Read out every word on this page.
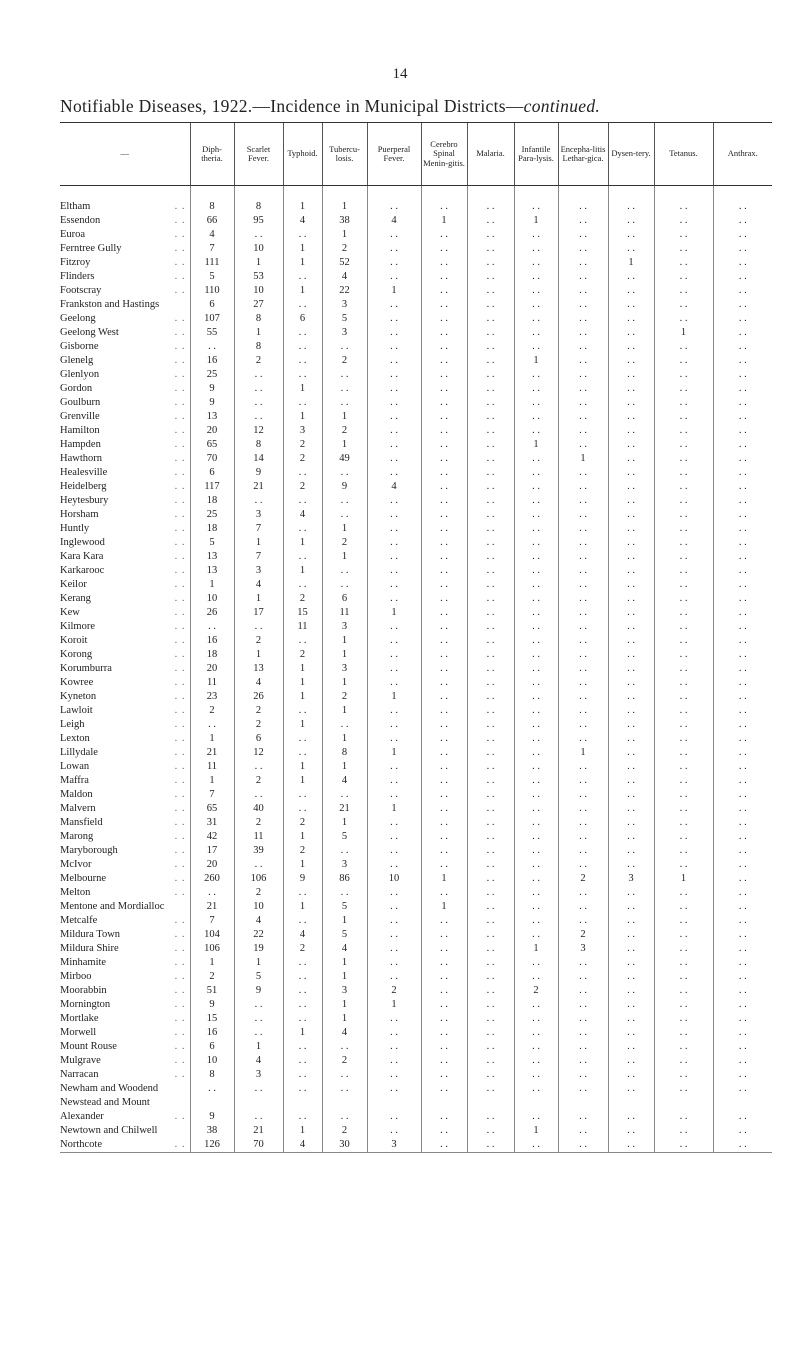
14
Notifiable Diseases, 1922.—Incidence in Municipal Districts—continued.
—	Diph-theria.	Scarlet Fever.	Typhoid.	Tubercu-losis.	Puerperal Fever.	Cerebro Spinal Menin-gitis.	Malaria.	Infantile Para-lysis.	Encepha-litis Lethar-gica.	Dysen-tery.	Tetanus.	Anthrax.

Eltham . .	8	8	1	1	. .	. .	. .	. .	. .	. .	. .	. .

Essendon . .	66	95	4	38	4	1	. .	1	. .	. .	. .	. .

Euroa . .	4	. .	. .	1	. .	. .	. .	. .	. .	. .	. .	. .

Ferntree Gully . .	7	10	1	2	. .	. .	. .	. .	. .	. .	. .	. .

Fitzroy . .	111	1	1	52	. .	. .	. .	. .	. .	1	. .	. .

Flinders . .	5	53	. .	4	. .	. .	. .	. .	. .	. .	. .	. .

Footscray . .	110	10	1	22	1	. .	. .	. .	. .	. .	. .	. .

Frankston and Hastings	6	27	. .	3	. .	. .	. .	. .	. .	. .	. .	. .

Geelong . .	107	8	6	5	. .	. .	. .	. .	. .	. .	. .	. .

Geelong West . .	55	1	. .	3	. .	. .	. .	. .	. .	. .	1	. .

Gisborne . .	. .	8	. .	. .	. .	. .	. .	. .	. .	. .	. .	. .

Glenelg . .	16	2	. .	2	. .	. .	. .	1	. .	. .	. .	. .

Glenlyon . .	25	. .	. .	. .	. .	. .	. .	. .	. .	. .	. .	. .

Gordon . .	9	. .	1	. .	. .	. .	. .	. .	. .	. .	. .	. .

Goulburn . .	9	. .	. .	. .	. .	. .	. .	. .	. .	. .	. .	. .

Grenville . .	13	. .	1	1	. .	. .	. .	. .	. .	. .	. .	. .

Hamilton . .	20	12	3	2	. .	. .	. .	. .	. .	. .	. .	. .

Hampden . .	65	8	2	1	. .	. .	. .	1	. .	. .	. .	. .

Hawthorn . .	70	14	2	49	. .	. .	. .	. .	1	. .	. .	. .

Healesville . .	6	9	. .	. .	. .	. .	. .	. .	. .	. .	. .	. .

Heidelberg . .	117	21	2	9	4	. .	. .	. .	. .	. .	. .	. .

Heytesbury . .	18	. .	. .	. .	. .	. .	. .	. .	. .	. .	. .	. .

Horsham . .	25	3	4	. .	. .	. .	. .	. .	. .	. .	. .	. .

Huntly . .	18	7	. .	1	. .	. .	. .	. .	. .	. .	. .	. .

Inglewood . .	5	1	1	2	. .	. .	. .	. .	. .	. .	. .	. .

Kara Kara . .	13	7	. .	1	. .	. .	. .	. .	. .	. .	. .	. .

Karkarooc . .	13	3	1	. .	. .	. .	. .	. .	. .	. .	. .	. .

Keilor . .	1	4	. .	. .	. .	. .	. .	. .	. .	. .	. .	. .

Kerang . .	10	1	2	6	. .	. .	. .	. .	. .	. .	. .	. .

Kew . .	26	17	15	11	1	. .	. .	. .	. .	. .	. .	. .

Kilmore . .	. .	. .	11	3	. .	. .	. .	. .	. .	. .	. .	. .

Koroit . .	16	2	. .	1	. .	. .	. .	. .	. .	. .	. .	. .

Korong . .	18	1	2	1	. .	. .	. .	. .	. .	. .	. .	. .

Korumburra . .	20	13	1	3	. .	. .	. .	. .	. .	. .	. .	. .

Kowree . .	11	4	1	1	. .	. .	. .	. .	. .	. .	. .	. .

Kyneton . .	23	26	1	2	1	. .	. .	. .	. .	. .	. .	. .

Lawloit . .	2	2	. .	1	. .	. .	. .	. .	. .	. .	. .	. .

Leigh . .	. .	2	1	. .	. .	. .	. .	. .	. .	. .	. .	. .

Lexton . .	1	6	. .	1	. .	. .	. .	. .	. .	. .	. .	. .

Lillydale . .	21	12	. .	8	1	. .	. .	. .	1	. .	. .	. .

Lowan . .	11	. .	1	1	. .	. .	. .	. .	. .	. .	. .	. .

Maffra . .	1	2	1	4	. .	. .	. .	. .	. .	. .	. .	. .

Maldon . .	7	. .	. .	. .	. .	. .	. .	. .	. .	. .	. .	. .

Malvern . .	65	40	. .	21	1	. .	. .	. .	. .	. .	. .	. .

Mansfield . .	31	2	2	1	. .	. .	. .	. .	. .	. .	. .	. .

Marong . .	42	11	1	5	. .	. .	. .	. .	. .	. .	. .	. .

Maryborough . .	17	39	2	. .	. .	. .	. .	. .	. .	. .	. .	. .

McIvor . .	20	. .	1	3	. .	. .	. .	. .	. .	. .	. .	. .

Melbourne . .	260	106	9	86	10	1	. .	. .	2	3	1	. .

Melton . .	. .	2	. .	. .	. .	. .	. .	. .	. .	. .	. .	. .

Mentone and Mordialloc	21	10	1	5	. .	1	. .	. .	. .	. .	. .	. .

Metcalfe . .	7	4	. .	1	. .	. .	. .	. .	. .	. .	. .	. .

Mildura Town . .	104	22	4	5	. .	. .	. .	. .	2	. .	. .	. .

Mildura Shire . .	106	19	2	4	. .	. .	. .	1	3	. .	. .	. .

Minhamite . .	1	1	. .	1	. .	. .	. .	. .	. .	. .	. .	. .

Mirboo . .	2	5	. .	1	. .	. .	. .	. .	. .	. .	. .	. .

Moorabbin . .	51	9	. .	3	2	. .	. .	2	. .	. .	. .	. .

Mornington . .	9	. .	. .	1	1	. .	. .	. .	. .	. .	. .	. .

Mortlake . .	15	. .	. .	1	. .	. .	. .	. .	. .	. .	. .	. .

Morwell . .	16	. .	1	4	. .	. .	. .	. .	. .	. .	. .	. .

Mount Rouse . .	6	1	. .	. .	. .	. .	. .	. .	. .	. .	. .	. .

Mulgrave . .	10	4	. .	2	. .	. .	. .	. .	. .	. .	. .	. .

Narracan . .	8	3	. .	. .	. .	. .	. .	. .	. .	. .	. .	. .

Newham and Woodend	. .	. .	. .	. .	. .	. .	. .	. .	. .	. .	. .	. .

Newstead and Mount												

Alexander . .	9	. .	. .	. .	. .	. .	. .	. .	. .	. .	. .	. .

Newtown and Chilwell	38	21	1	2	. .	. .	. .	1	. .	. .	. .	. .

Northcote . .	126	70	4	30	3	. .	. .	. .	. .	. .	. .	. .
